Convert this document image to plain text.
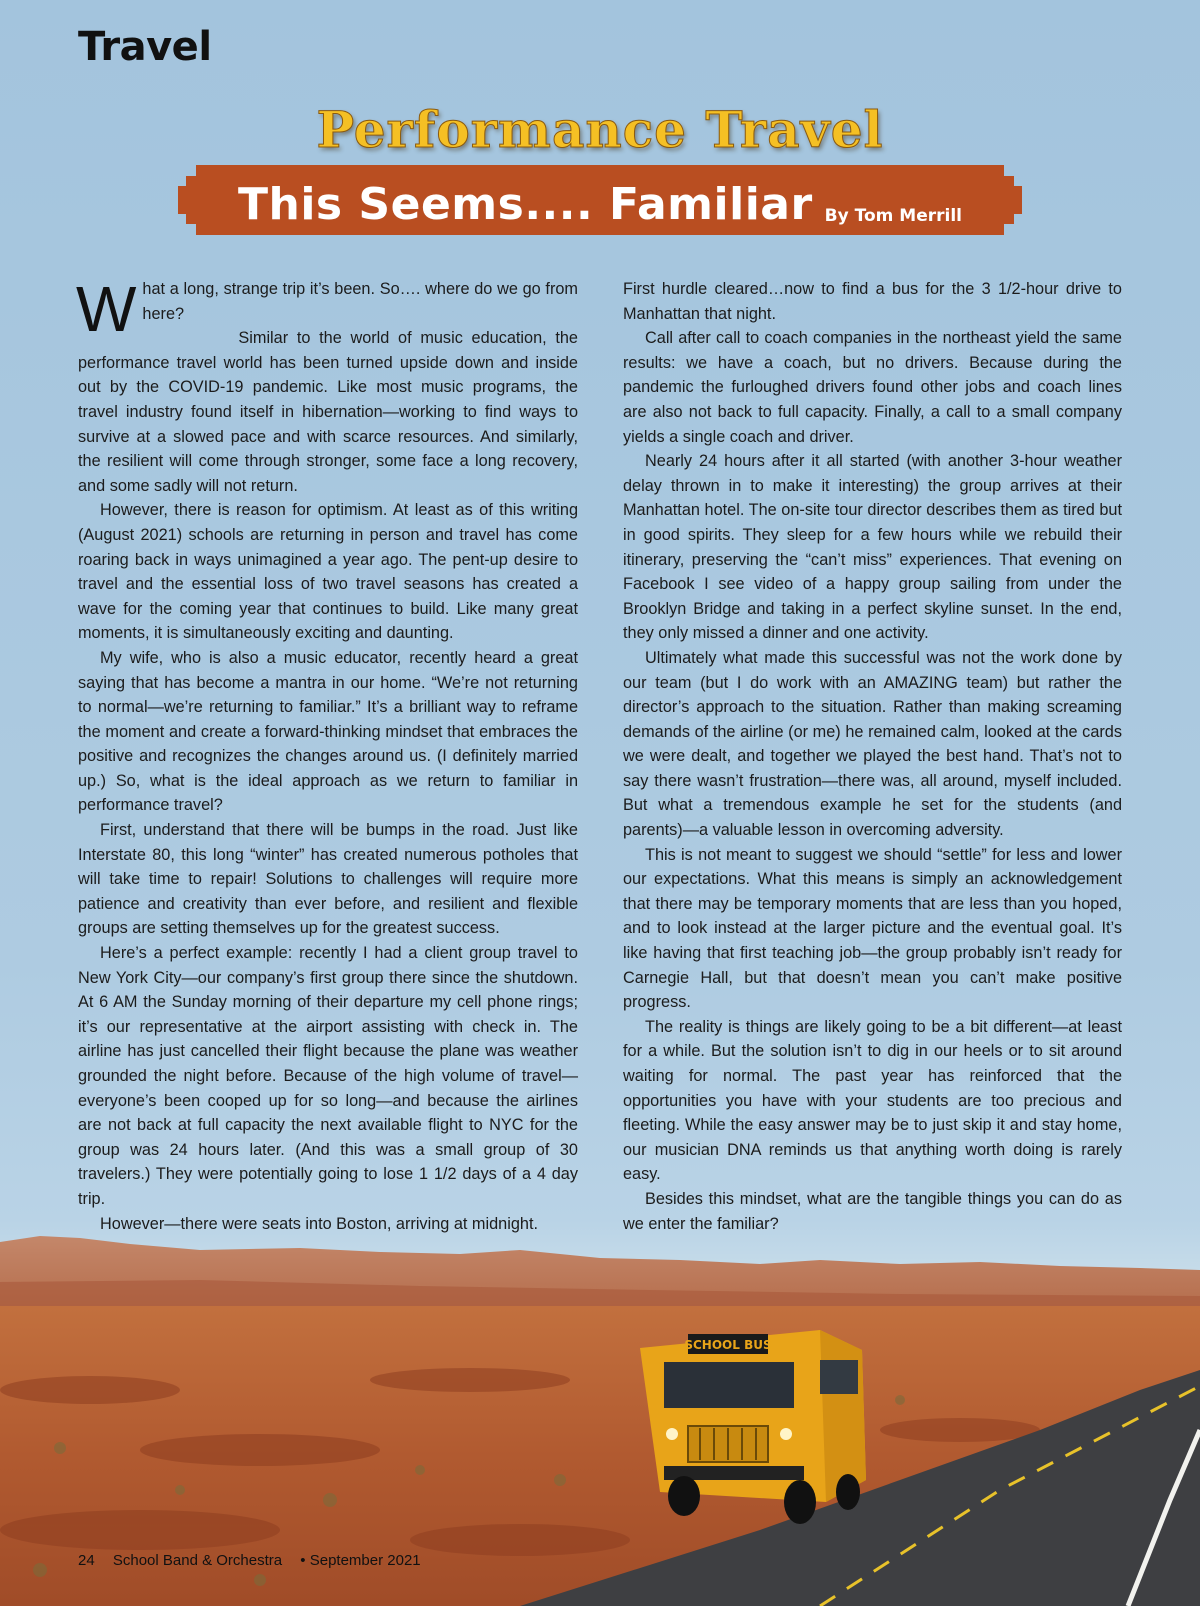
Travel
Performance Travel
This Seems.... Familiar By Tom Merrill

What a long, strange trip it’s been. So…. where do we go from here?

Similar to the world of music education, the performance travel world has been turned upside down and inside out by the COVID-19 pandemic. Like most music programs, the travel industry found itself in hibernation—working to find ways to survive at a slowed pace and with scarce resources. And similarly, the resilient will come through stronger, some face a long recovery, and some sadly will not return.

However, there is reason for optimism. At least as of this writing (August 2021) schools are returning in person and travel has come roaring back in ways unimagined a year ago. The pent-up desire to travel and the essential loss of two travel seasons has created a wave for the coming year that continues to build. Like many great moments, it is simultaneously exciting and daunting.

My wife, who is also a music educator, recently heard a great saying that has become a mantra in our home. “We’re not returning to normal—we’re returning to familiar.” It’s a brilliant way to reframe the moment and create a forward-thinking mindset that embraces the positive and recognizes the changes around us. (I definitely married up.) So, what is the ideal approach as we return to familiar in performance travel?

First, understand that there will be bumps in the road. Just like Interstate 80, this long “winter” has created numerous potholes that will take time to repair! Solutions to challenges will require more patience and creativity than ever before, and resilient and flexible groups are setting themselves up for the greatest success.

Here’s a perfect example: recently I had a client group travel to New York City—our company’s first group there since the shutdown. At 6 AM the Sunday morning of their departure my cell phone rings; it’s our representative at the airport assisting with check in. The airline has just cancelled their flight because the plane was weather grounded the night before. Because of the high volume of travel—everyone’s been cooped up for so long—and because the airlines are not back at full capacity the next available flight to NYC for the group was 24 hours later. (And this was a small group of 30 travelers.) They were potentially going to lose 1 1/2 days of a 4 day trip.

However—there were seats into Boston, arriving at midnight.

First hurdle cleared…now to find a bus for the 3 1/2-hour drive to Manhattan that night.

Call after call to coach companies in the northeast yield the same results: we have a coach, but no drivers. Because during the pandemic the furloughed drivers found other jobs and coach lines are also not back to full capacity. Finally, a call to a small company yields a single coach and driver.

Nearly 24 hours after it all started (with another 3-hour weather delay thrown in to make it interesting) the group arrives at their Manhattan hotel. The on-site tour director describes them as tired but in good spirits. They sleep for a few hours while we rebuild their itinerary, preserving the “can’t miss” experiences. That evening on Facebook I see video of a happy group sailing from under the Brooklyn Bridge and taking in a perfect skyline sunset. In the end, they only missed a dinner and one activity.

Ultimately what made this successful was not the work done by our team (but I do work with an AMAZING team) but rather the director’s approach to the situation. Rather than making screaming demands of the airline (or me) he remained calm, looked at the cards we were dealt, and together we played the best hand. That’s not to say there wasn’t frustration—there was, all around, myself included. But what a tremendous example he set for the students (and parents)—a valuable lesson in overcoming adversity.

This is not meant to suggest we should “settle” for less and lower our expectations. What this means is simply an acknowledgement that there may be temporary moments that are less than you hoped, and to look instead at the larger picture and the eventual goal. It’s like having that first teaching job—the group probably isn’t ready for Carnegie Hall, but that doesn’t mean you can’t make positive progress.

The reality is things are likely going to be a bit different—at least for a while. But the solution isn’t to dig in our heels or to sit around waiting for normal. The past year has reinforced that the opportunities you have with your students are too precious and fleeting. While the easy answer may be to just skip it and stay home, our musician DNA reminds us that anything worth doing is rarely easy.

Besides this mindset, what are the tangible things you can do as we enter the familiar?

SCHOOL BUS
24 School Band & Orchestra • September 2021
